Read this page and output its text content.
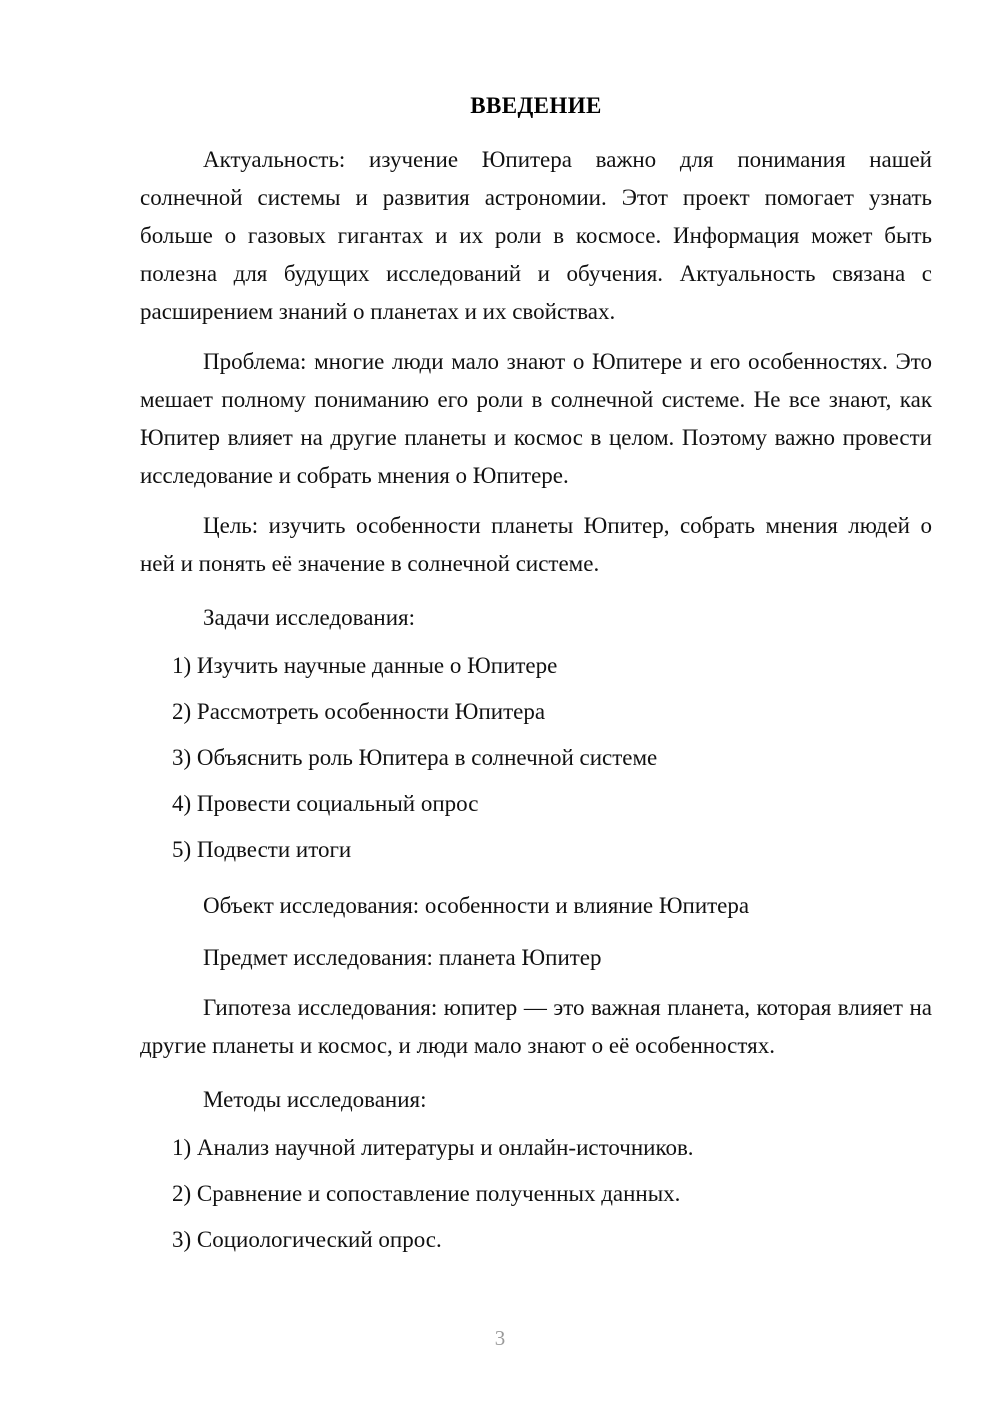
ВВЕДЕНИЕ

Актуальность: изучение Юпитера важно для понимания нашей солнечной системы и развития астрономии. Этот проект помогает узнать больше о газовых гигантах и их роли в космосе. Информация может быть полезна для будущих исследований и обучения. Актуальность связана с расширением знаний о планетах и их свойствах.

Проблема: многие люди мало знают о Юпитере и его особенностях. Это мешает полному пониманию его роли в солнечной системе. Не все знают, как Юпитер влияет на другие планеты и космос в целом. Поэтому важно провести исследование и собрать мнения о Юпитере.

Цель: изучить особенности планеты Юпитер, собрать мнения людей о ней и понять её значение в солнечной системе.

Задачи исследования:

1) Изучить научные данные о Юпитере
2) Рассмотреть особенности Юпитера
3) Объяснить роль Юпитера в солнечной системе
4) Провести социальный опрос
5) Подвести итоги

Объект исследования: особенности и влияние Юпитера

Предмет исследования: планета Юпитер

Гипотеза исследования: юпитер — это важная планета, которая влияет на другие планеты и космос, и люди мало знают о её особенностях.

Методы исследования:

1) Анализ научной литературы и онлайн-источников.
2) Сравнение и сопоставление полученных данных.
3) Социологический опрос.
3
